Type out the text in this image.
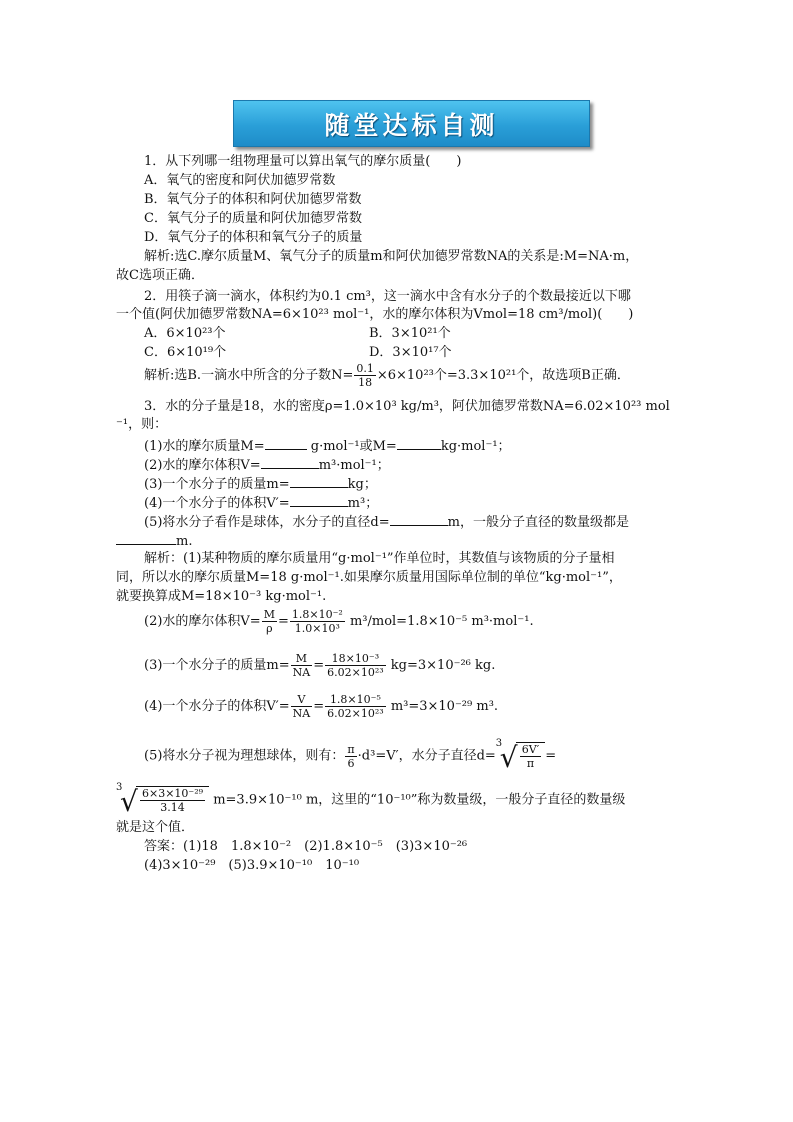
随堂达标自测
1．从下列哪一组物理量可以算出氧气的摩尔质量(　　)
A．氧气的密度和阿伏加德罗常数
B．氧气分子的体积和阿伏加德罗常数
C．氧气分子的质量和阿伏加德罗常数
D．氧气分子的体积和氧气分子的质量
解析:选C.摩尔质量M、氧气分子的质量m和阿伏加德罗常数NA的关系是:M=NA·m，
故C选项正确．
2．用筷子滴一滴水，体积约为0.1 cm³，这一滴水中含有水分子的个数最接近以下哪
一个值(阿伏加德罗常数NA=6×10²³ mol⁻¹，水的摩尔体积为Vmol=18 cm³/mol)(　　)
A．6×10²³个	B．3×10²¹个
C．6×10¹⁹个	D．3×10¹⁷个
解析:选B.一滴水中所含的分子数$N= \frac{0.1}{18} \times 6\times 10^{23}$个=3.3×10²¹个，故选项B正确．
3．水的分子量是18，水的密度ρ=1.0×10³ kg/m³，阿伏加德罗常数NA=6.02×10²³ mol
⁻¹，则：
(1)水的摩尔质量M=	g·mol⁻¹或M=	kg·mol⁻¹；
(2)水的摩尔体积V=	m³·mol⁻¹；
(3)一个水分子的质量m=	kg；
(4)一个水分子的体积V′=	m³；
(5)将水分子看作是球体，水分子的直径d=	m，一般分子直径的数量级都是
m.
解析：(1)某种物质的摩尔质量用“g·mol⁻¹”作单位时，其数值与该物质的分子量相
同，所以水的摩尔质量M=18 g·mol⁻¹.如果摩尔质量用国际单位制的单位“kg·mol⁻¹”，
就要换算成M=18×10⁻³ kg·mol⁻¹.
(2)水的摩尔体积$V= \frac{M}{\rho} = \frac{\text{1.8×10⁻²}}{\text{1.0×10³}} m^3/mol=1.8\times 10^{-5}$ m³·mol⁻¹.
(3)一个水分子的质量$m= \frac{M}{NA} = \frac{\text{18×10⁻³}}{\text{6.02×10²³}} kg=3\times 10^{-26}$ kg.
(4)一个水分子的体积$V'= \frac{V}{NA} = \frac{\text{1.8×10⁻⁵}}{\text{6.02×10²³}} m^3=3\times 10^{-29}$ m³.
(5)将水分子视为理想球体，则有： $\frac{\pi}{6} \cdot d^3=V'$，水分子直径d=
3
√ $\frac{6V'}{\pi}$ =
3
√ $\frac{\text{6×3×10⁻²⁹}}{3.14} m=3.9\times 10^{-10}$ m，这里的“10⁻¹⁰”称为数量级，一般分子直径的数量级
就是这个值．
答案：(1)18　1.8×10⁻²　(2)1.8×10⁻⁵　(3)3×10⁻²⁶
(4)3×10⁻²⁹　(5)3.9×10⁻¹⁰　10⁻¹⁰
